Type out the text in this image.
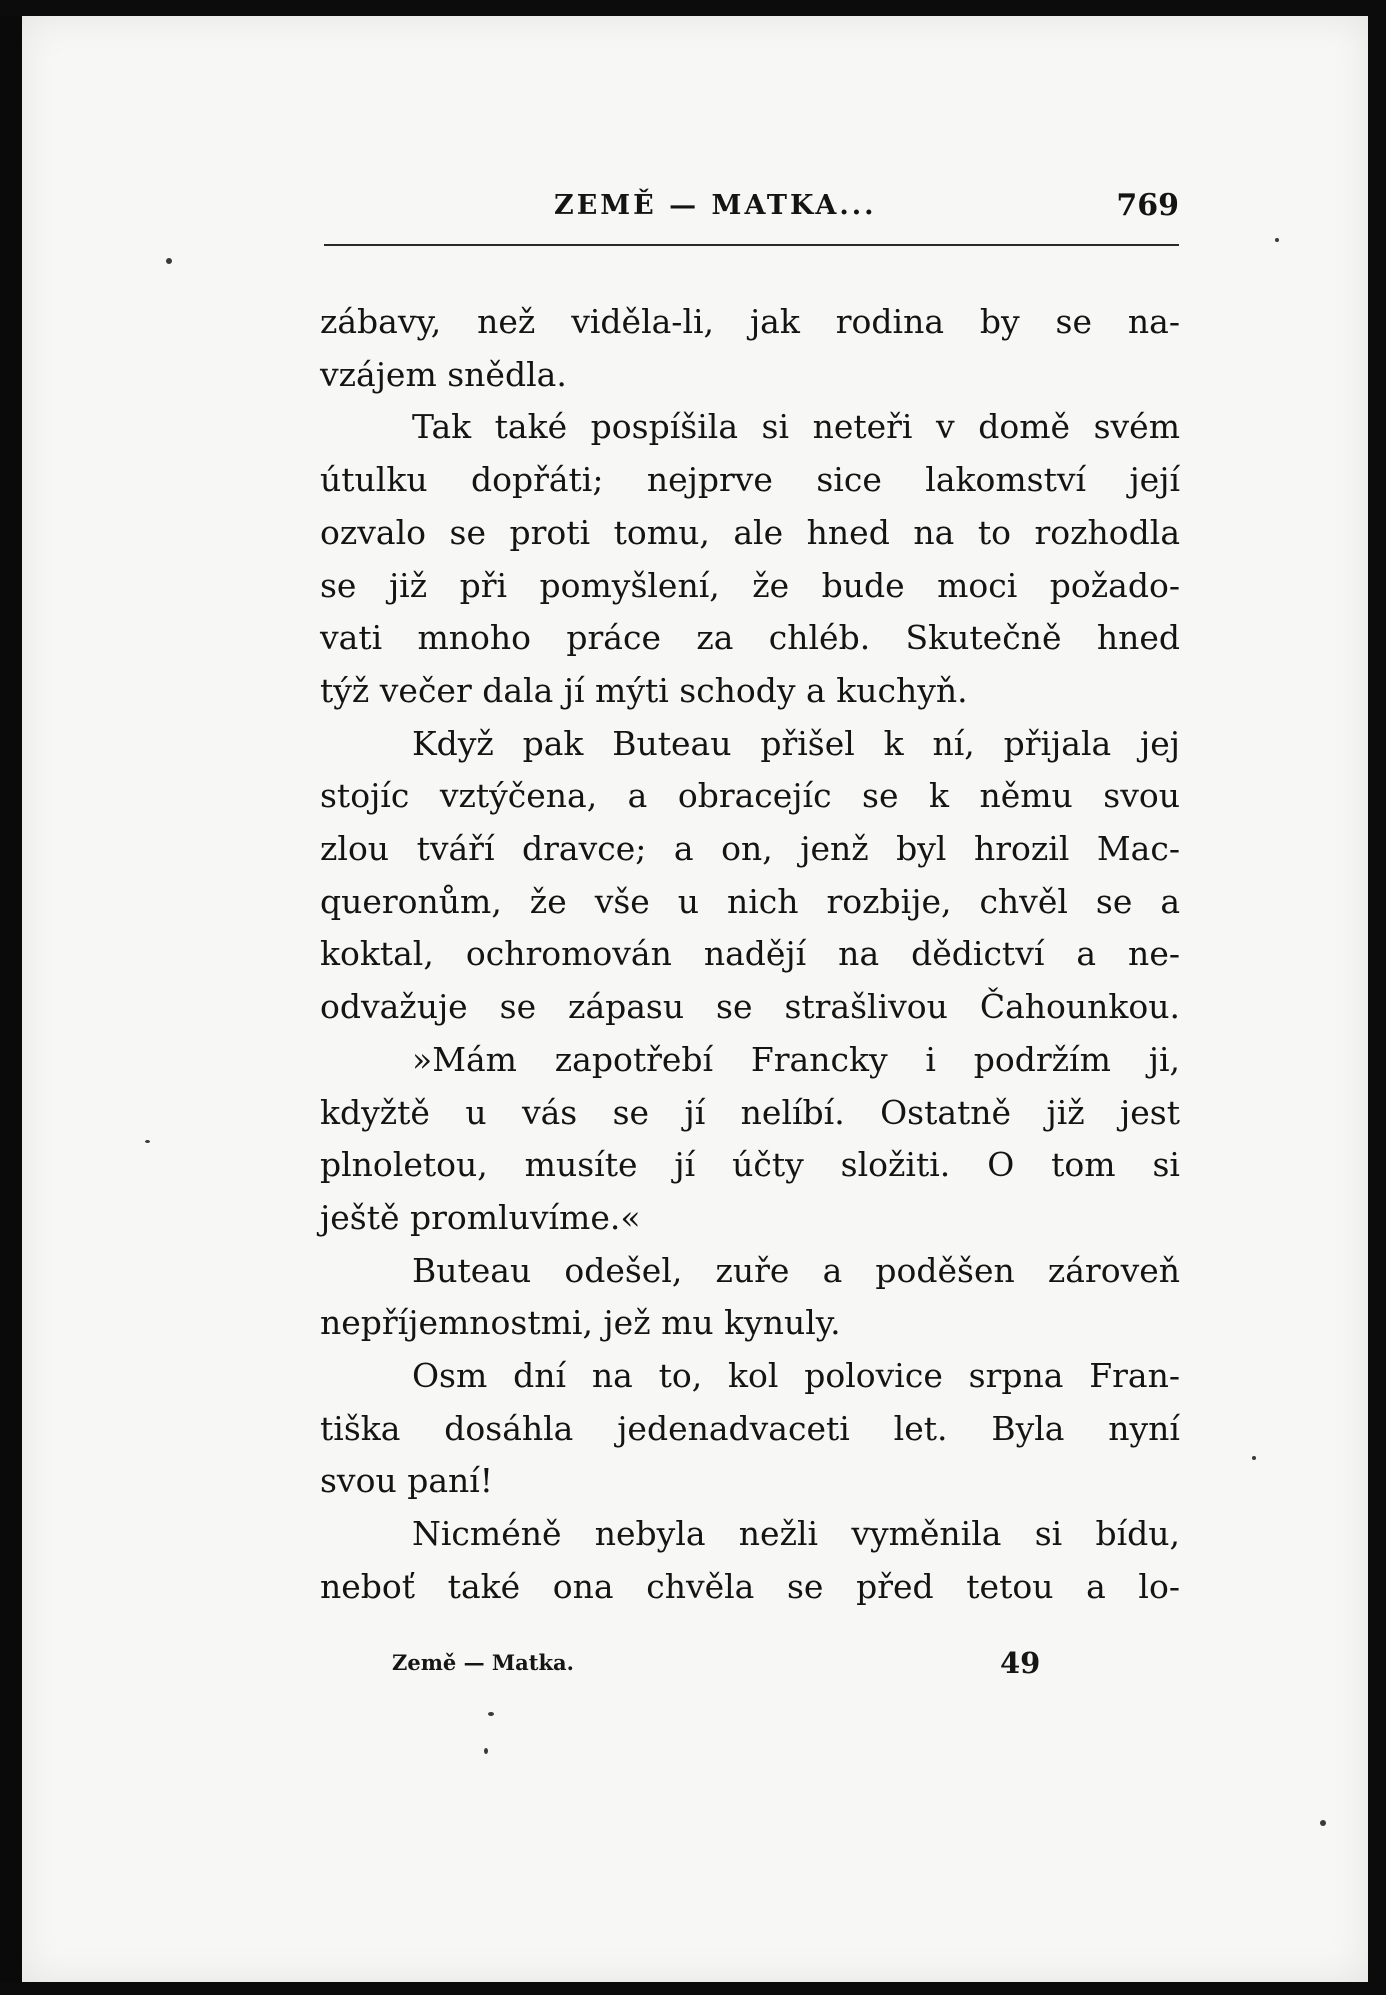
ZEMĚ — MATKA...	769
zábavy, než viděla-li, jak rodina by se na-
vzájem snědla.
Tak také pospíšila si neteři v domě svém
útulku dopřáti; nejprve sice lakomství její
ozvalo se proti tomu, ale hned na to rozhodla
se již při pomyšlení, že bude moci požado-
vati mnoho práce za chléb. Skutečně hned
týž večer dala jí mýti schody a kuchyň.
Když pak Buteau přišel k ní, přijala jej
stojíc vztýčena, a obracejíc se k němu svou
zlou tváří dravce; a on, jenž byl hrozil Mac-
queronům, že vše u nich rozbije, chvěl se a
koktal, ochromován nadějí na dědictví a ne-
odvažuje se zápasu se strašlivou Čahounkou.
»Mám zapotřebí Francky i podržím ji,
kdyžtě u vás se jí nelíbí. Ostatně již jest
plnoletou, musíte jí účty složiti. O tom si
ještě promluvíme.«
Buteau odešel, zuře a poděšen zároveň
nepříjemnostmi, jež mu kynuly.
Osm dní na to, kol polovice srpna Fran-
tiška dosáhla jedenadvaceti let. Byla nyní
svou paní!
Nicméně nebyla nežli vyměnila si bídu,
neboť také ona chvěla se před tetou a lo-
Země — Matka.	49
